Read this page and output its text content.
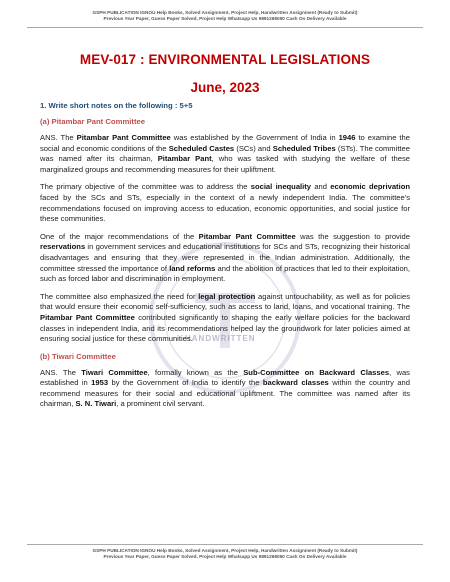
GSPH PUBLICATION IGNOU Help Books, Solved Assignment, Project Help, Handwritten Assignment (Ready to Submit)
Previous Year Paper, Guess Paper Solved, Project Help Whatsapp Us 9891268050 Cash On Delivery Available
MEV-017 : ENVIRONMENTAL LEGISLATIONS
June, 2023
HANDWRITTEN
1. Write short notes on the following : 5+5
(a) Pitambar Pant Committee

ANS. The Pitambar Pant Committee was established by the Government of India in 1946 to examine the social and economic conditions of the Scheduled Castes (SCs) and Scheduled Tribes (STs). The committee was named after its chairman, Pitambar Pant, who was tasked with studying the welfare of these marginalized groups and recommending measures for their upliftment.

The primary objective of the committee was to address the social inequality and economic deprivation faced by the SCs and STs, especially in the context of a newly independent India. The committee's recommendations focused on improving access to education, economic opportunities, and social justice for these communities.

One of the major recommendations of the Pitambar Pant Committee was the suggestion to provide reservations in government services and educational institutions for SCs and STs, recognizing their historical disadvantages and ensuring that they were represented in the Indian administration. Additionally, the committee stressed the importance of land reforms and the abolition of practices that led to their exploitation, such as forced labor and discrimination in employment.

The committee also emphasized the need for legal protection against untouchability, as well as for policies that would ensure their economic self-sufficiency, such as access to land, loans, and vocational training. The Pitambar Pant Committee contributed significantly to shaping the early welfare policies for the backward classes in independent India, and its recommendations helped lay the groundwork for later policies aimed at ensuring social justice for these communities.

(b) Tiwari Committee

ANS. The Tiwari Committee, formally known as the Sub-Committee on Backward Classes, was established in 1953 by the Government of India to identify the backward classes within the country and recommend measures for their social and educational upliftment. The committee was named after its chairman, S. N. Tiwari, a prominent civil servant.

GSPH PUBLICATION IGNOU Help Books, Solved Assignment, Project Help, Handwritten Assignment (Ready to Submit)
Previous Year Paper, Guess Paper Solved, Project Help Whatsapp Us 9891268050 Cash On Delivery Available
